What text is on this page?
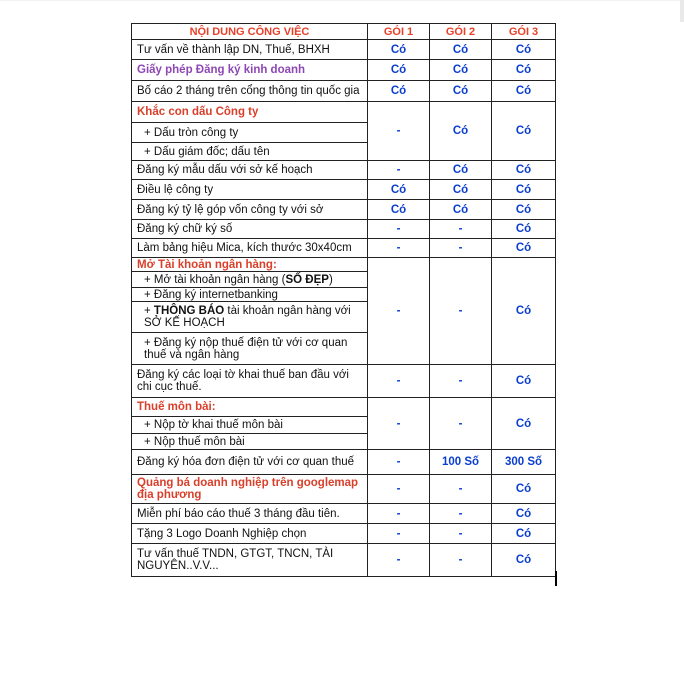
NỘI DUNG CÔNG VIỆC	GÓI 1	GÓI 2	GÓI 3
Tư vấn về thành lập DN, Thuế, BHXH	Có	Có	Có
Giấy phép Đăng ký kinh doanh	Có	Có	Có
Bố cáo 2 tháng trên cổng thông tin quốc gia	Có	Có	Có
Khắc con dấu Công ty	-	Có	Có
+ Dấu tròn công ty			
+ Dấu giám đốc; dấu tên			
Đăng ký mẫu dấu với sở kế hoạch	-	Có	Có
Điều lệ công ty	Có	Có	Có
Đăng ký tỷ lệ góp vốn công ty với sở	Có	Có	Có
Đăng ký chữ ký số	-	-	Có
Làm bảng hiệu Mica, kích thước 30x40cm	-	-	Có
Mở Tài khoản ngân hàng:	-	-	Có
+ Mở tài khoản ngân hàng (SỐ ĐẸP)			
+ Đăng ký internetbanking			
+ THÔNG BÁO tài khoản ngân hàng với SỞ KẾ HOẠCH			
+ Đăng ký nộp thuế điện tử với cơ quan thuế và ngân hàng			
Đăng ký các loại tờ khai thuế ban đầu với chi cục thuế.	-	-	Có
Thuế môn bài:	-	-	Có
+ Nộp tờ khai thuế môn bài			
+ Nộp thuế môn bài			
Đăng ký hóa đơn điện tử với cơ quan thuế	-	100 Số	300 Số
Quảng bá doanh nghiệp trên googlemap địa phương	-	-	Có
Miễn phí báo cáo thuế 3 tháng đầu tiên.	-	-	Có
Tặng 3 Logo Doanh Nghiệp chọn	-	-	Có
Tư vấn thuế TNDN, GTGT, TNCN, TÀI NGUYÊN..V.V...	-	-	Có
